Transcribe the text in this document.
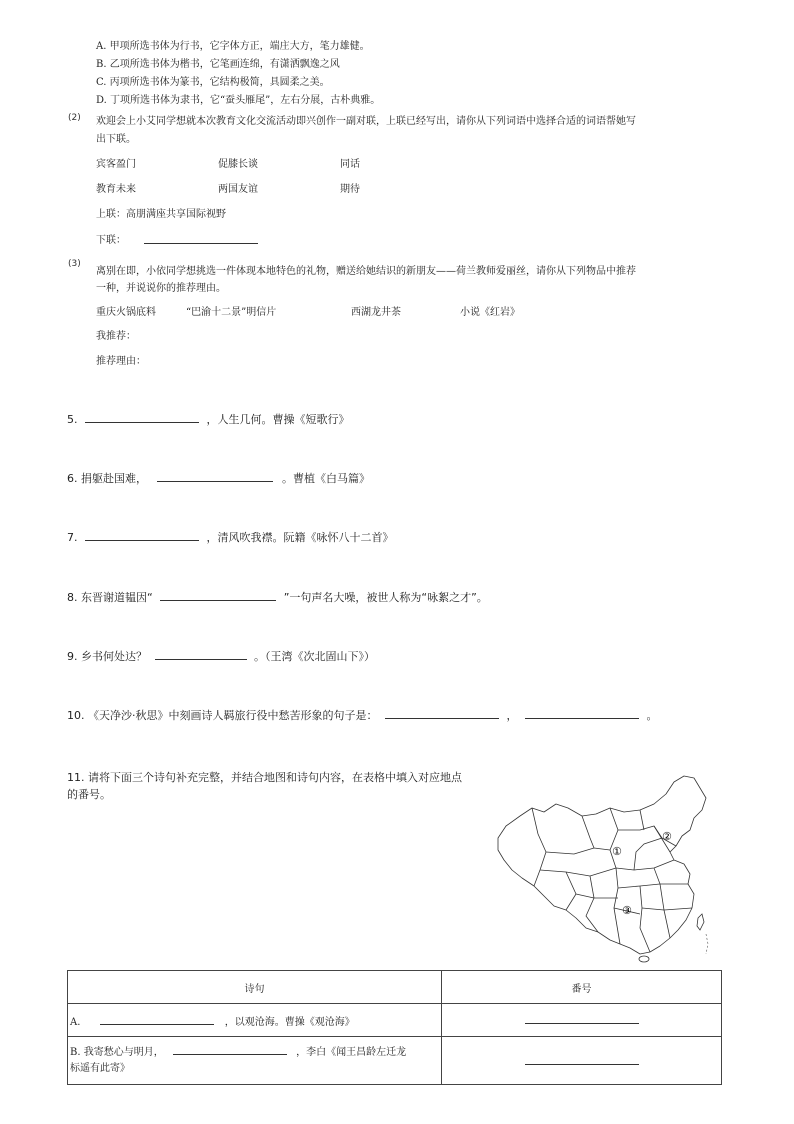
A. 甲项所选书体为行书，它字体方正，端庄大方，笔力雄健。
B. 乙项所选书体为楷书，它笔画连绵，有潇洒飘逸之风
C. 丙项所选书体为篆书，它结构极简，具圆柔之美。
D. 丁项所选书体为隶书，它“蚕头雁尾”，左右分展，古朴典雅。
(2) 欢迎会上小艾同学想就本次教育文化交流活动即兴创作一副对联，上联已经写出，请你从下列词语中选择合适的词语帮她写
出下联。
宾客盈门	促膝长谈	同话
教育未来	两国友谊	期待
上联：高朋满座共享国际视野
下联：
(3)
离别在即，小依同学想挑选一件体现本地特色的礼物，赠送给她结识的新朋友——荷兰教师爱丽丝，请你从下列物品中推荐
一种，并说说你的推荐理由。
重庆火锅底料	“巴渝十二景”明信片	西湖龙井茶	小说《红岩》
我推荐：
推荐理由：
5.	，人生几何。曹操《短歌行》
6. 捐躯赴国难，	。曹植《白马篇》
7.	，清风吹我襟。阮籍《咏怀八十二首》
8. 东晋谢道韫因“	”一句声名大噪，被世人称为“咏絮之才”。
9. 乡书何处达？	。（王湾《次北固山下》）
10. 《天净沙·秋思》中刻画诗人羁旅行役中愁苦形象的句子是：	，	。
11. 请将下面三个诗句补充完整，并结合地图和诗句内容，在表格中填入对应地点
的番号。
①
②
③
诗句	番号
A. ，以观沧海。曹操《观沧海》	

B. 我寄愁心与明月， ，李白《闻王昌龄左迁龙
标遥有此寄》	
